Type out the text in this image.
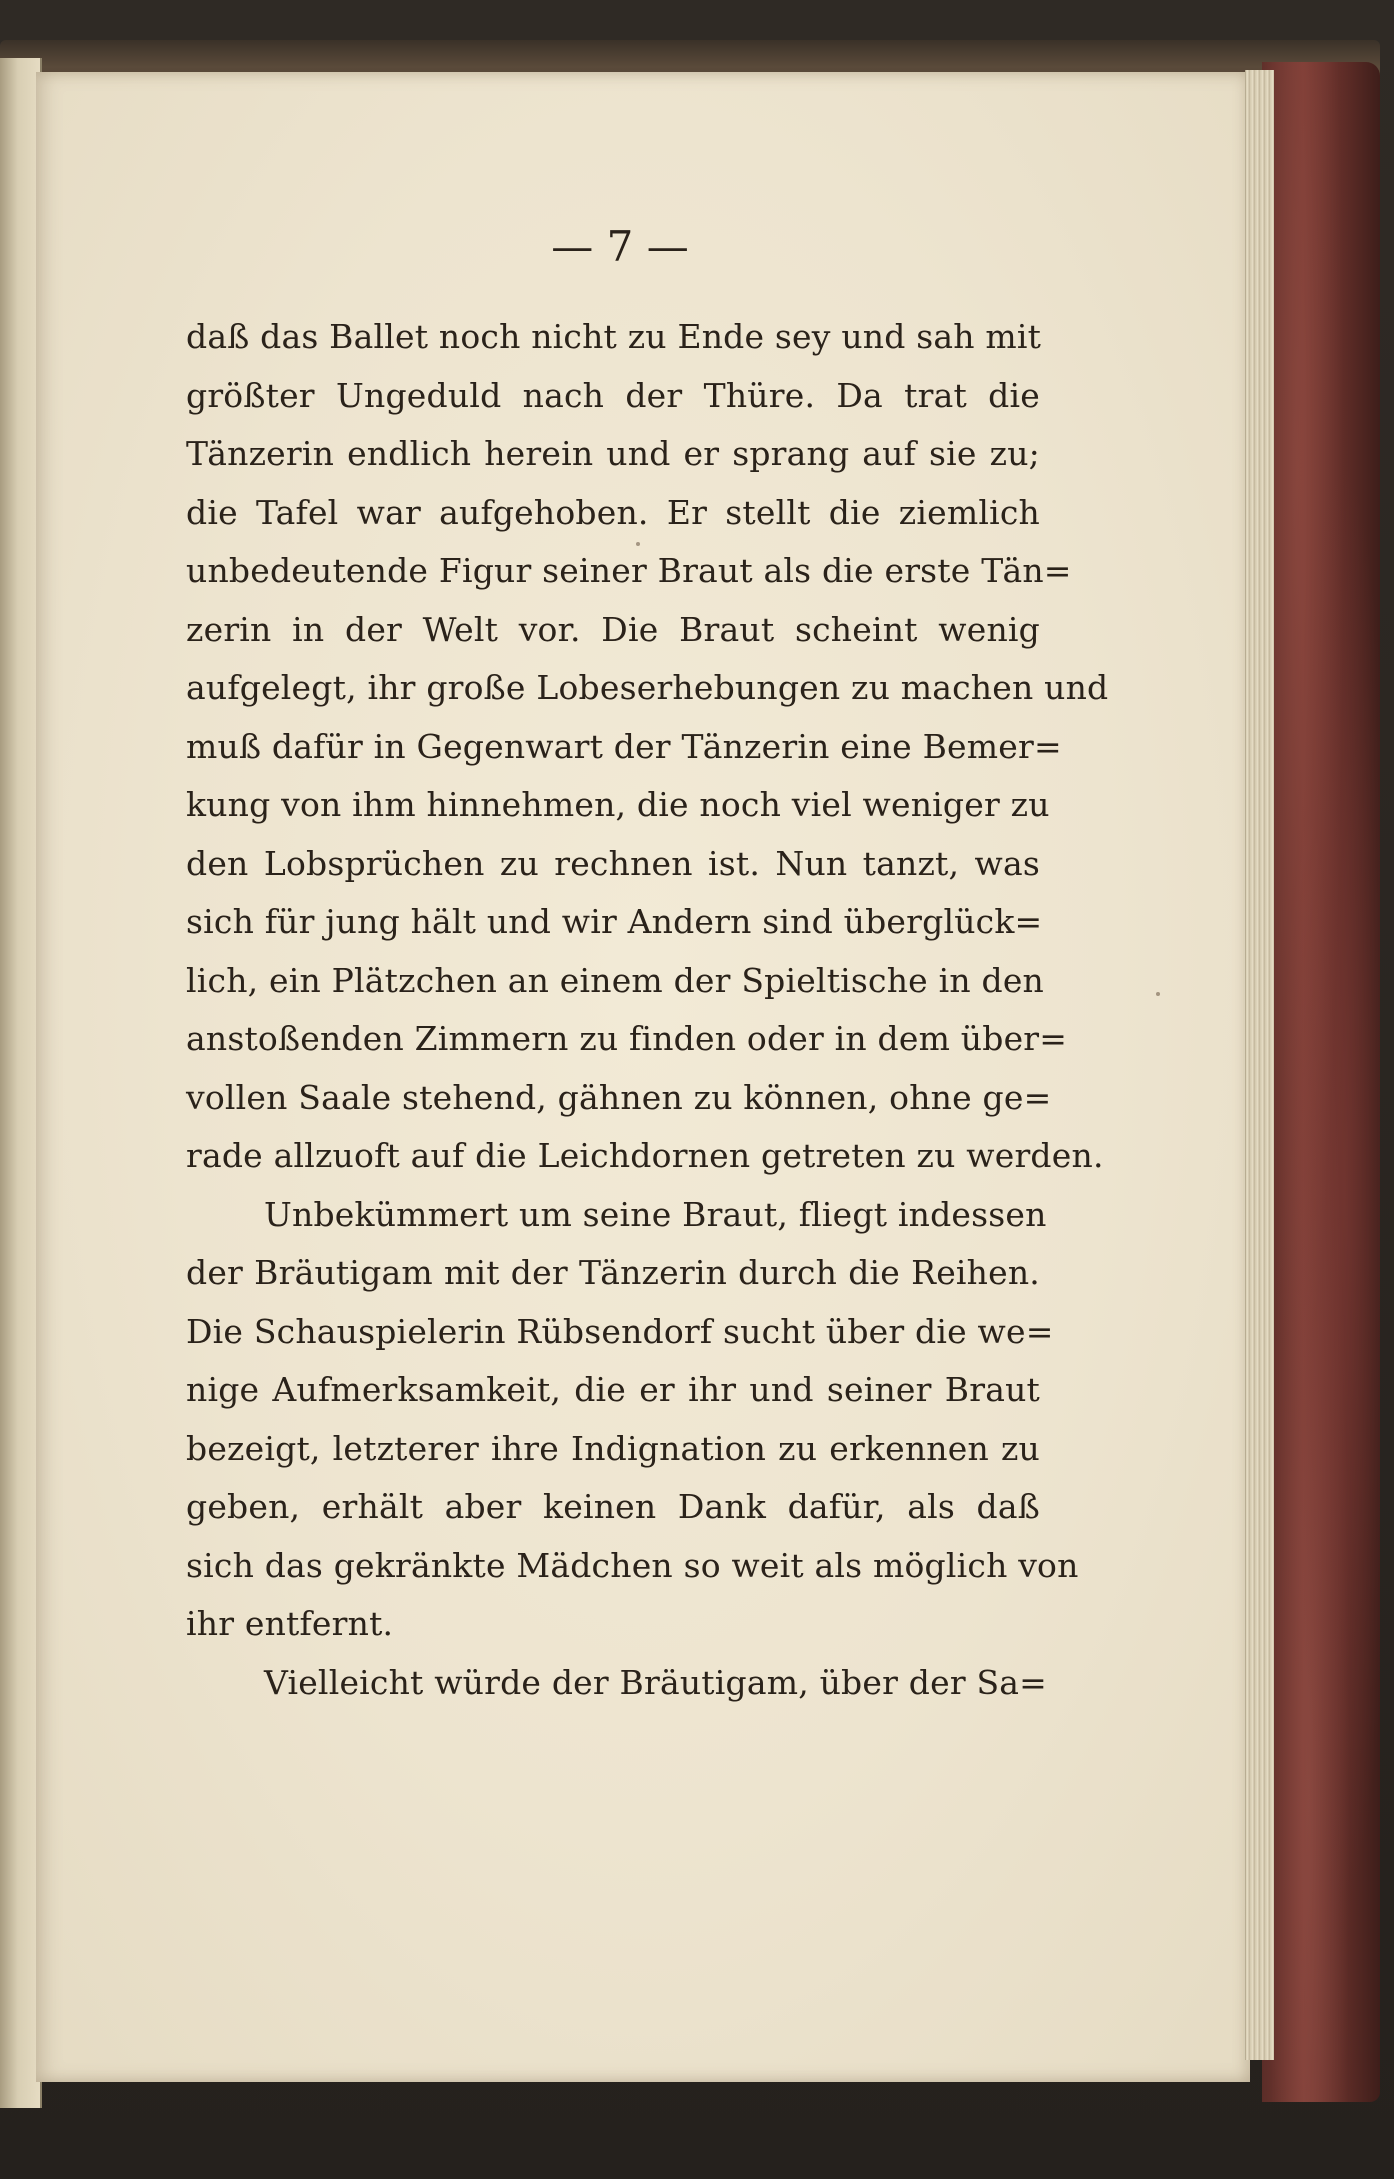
— 7 —
daß das Ballet noch nicht zu Ende sey und sah mit
größter Ungeduld nach der Thüre. Da trat die
Tänzerin endlich herein und er sprang auf sie zu;
die Tafel war aufgehoben. Er stellt die ziemlich
unbedeutende Figur seiner Braut als die erste Tän=
zerin in der Welt vor. Die Braut scheint wenig
aufgelegt, ihr große Lobeserhebungen zu machen und
muß dafür in Gegenwart der Tänzerin eine Bemer=
kung von ihm hinnehmen, die noch viel weniger zu
den Lobsprüchen zu rechnen ist. Nun tanzt, was
sich für jung hält und wir Andern sind überglück=
lich, ein Plätzchen an einem der Spieltische in den
anstoßenden Zimmern zu finden oder in dem über=
vollen Saale stehend, gähnen zu können, ohne ge=
rade allzuoft auf die Leichdornen getreten zu werden.
Unbekümmert um seine Braut, fliegt indessen
der Bräutigam mit der Tänzerin durch die Reihen.
Die Schauspielerin Rübsendorf sucht über die we=
nige Aufmerksamkeit, die er ihr und seiner Braut
bezeigt, letzterer ihre Indignation zu erkennen zu
geben, erhält aber keinen Dank dafür, als daß
sich das gekränkte Mädchen so weit als möglich von
ihr entfernt.
Vielleicht würde der Bräutigam, über der Sa=
